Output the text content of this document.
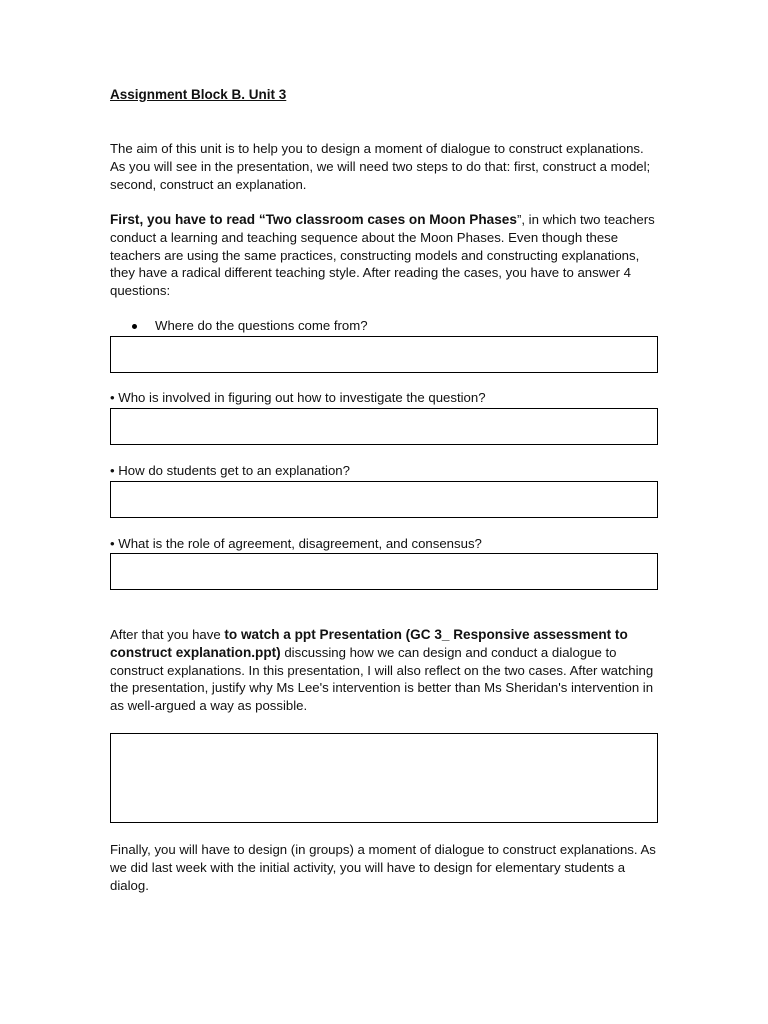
Assignment Block B. Unit 3
The aim of this unit is to help you to design a moment of dialogue to construct explanations. As you will see in the presentation, we will need two steps to do that: first, construct a model; second, construct an explanation.
First, you have to read “Two classroom cases on Moon Phases”, in which two teachers conduct a learning and teaching sequence about the Moon Phases. Even though these teachers are using the same practices, constructing models and constructing explanations, they have a radical different teaching style. After reading the cases, you have to answer 4 questions:
Where do the questions come from?
• Who is involved in figuring out how to investigate the question?
• How do students get to an explanation?
• What is the role of agreement, disagreement, and consensus?
After that you have to watch a ppt Presentation (GC 3_ Responsive assessment to construct explanation.ppt) discussing how we can design and conduct a dialogue to construct explanations. In this presentation, I will also reflect on the two cases. After watching the presentation, justify why Ms Lee's intervention is better than Ms Sheridan's intervention in as well-argued a way as possible.
Finally, you will have to design (in groups) a moment of dialogue to construct explanations. As we did last week with the initial activity, you will have to design for elementary students a dialog.
